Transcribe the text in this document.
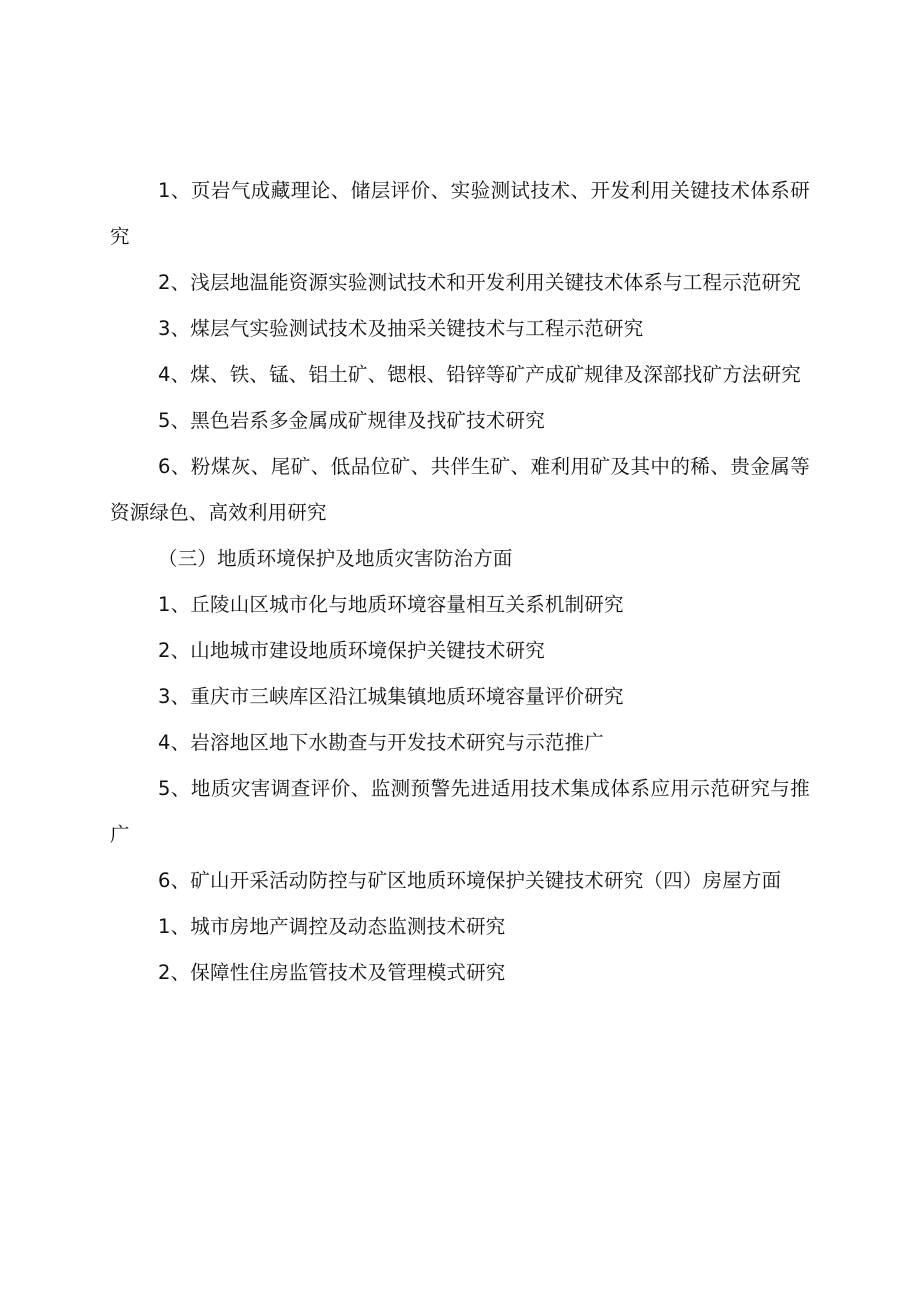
1、页岩气成藏理论、储层评价、实验测试技术、开发利用关键技术体系研究

2、浅层地温能资源实验测试技术和开发利用关键技术体系与工程示范研究

3、煤层气实验测试技术及抽采关键技术与工程示范研究

4、煤、铁、锰、铝土矿、锶根、铅锌等矿产成矿规律及深部找矿方法研究

5、黑色岩系多金属成矿规律及找矿技术研究

6、粉煤灰、尾矿、低品位矿、共伴生矿、难利用矿及其中的稀、贵金属等资源绿色、高效利用研究

（三）地质环境保护及地质灾害防治方面

1、丘陵山区城市化与地质环境容量相互关系机制研究

2、山地城市建设地质环境保护关键技术研究

3、重庆市三峡库区沿江城集镇地质环境容量评价研究

4、岩溶地区地下水勘查与开发技术研究与示范推广

5、地质灾害调查评价、监测预警先进适用技术集成体系应用示范研究与推广

6、矿山开采活动防控与矿区地质环境保护关键技术研究（四）房屋方面

1、城市房地产调控及动态监测技术研究

2、保障性住房监管技术及管理模式研究
